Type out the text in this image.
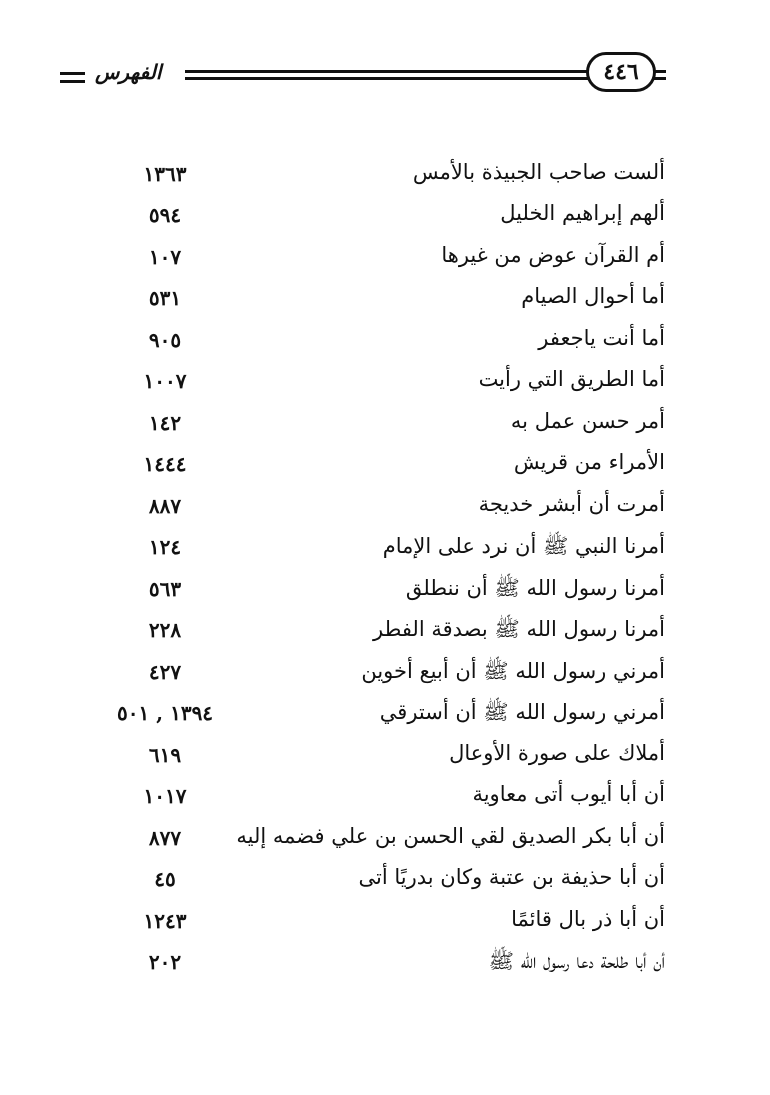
الفهرس	٤٤٦
ألست صاحب الجبيذة بالأمس
١٣٦٣
ألهم إبراهيم الخليل
٥٩٤
أم القرآن عوض من غيرها
١٠٧
أما أحوال الصيام
٥٣١
أما أنت ياجعفر
٩٠٥
أما الطريق التي رأيت
١٠٠٧
أمر حسن عمل به
١٤٢
الأمراء من قريش
١٤٤٤
أمرت أن أبشر خديجة
٨٨٧
أمرنا النبي ﷺ أن نرد على الإمام
١٢٤
أمرنا رسول الله ﷺ أن ننطلق
٥٦٣
أمرنا رسول الله ﷺ بصدقة الفطر
٢٢٨
أمرني رسول الله ﷺ أن أبيع أخوين
٤٢٧
أمرني رسول الله ﷺ أن أسترقي
١٣٩٤ , ٥٠١
أملاك على صورة الأوعال
٦١٩
أن أبا أيوب أتى معاوية
١٠١٧
أن أبا بكر الصديق لقي الحسن بن علي فضمه إليه
٨٧٧
أن أبا حذيفة بن عتبة وكان بدريًا أتى
٤٥
أن أبا ذر بال قائمًا
١٢٤٣
أن أبا طلحة دعا رسول الله ﷺ
٢٠٢
